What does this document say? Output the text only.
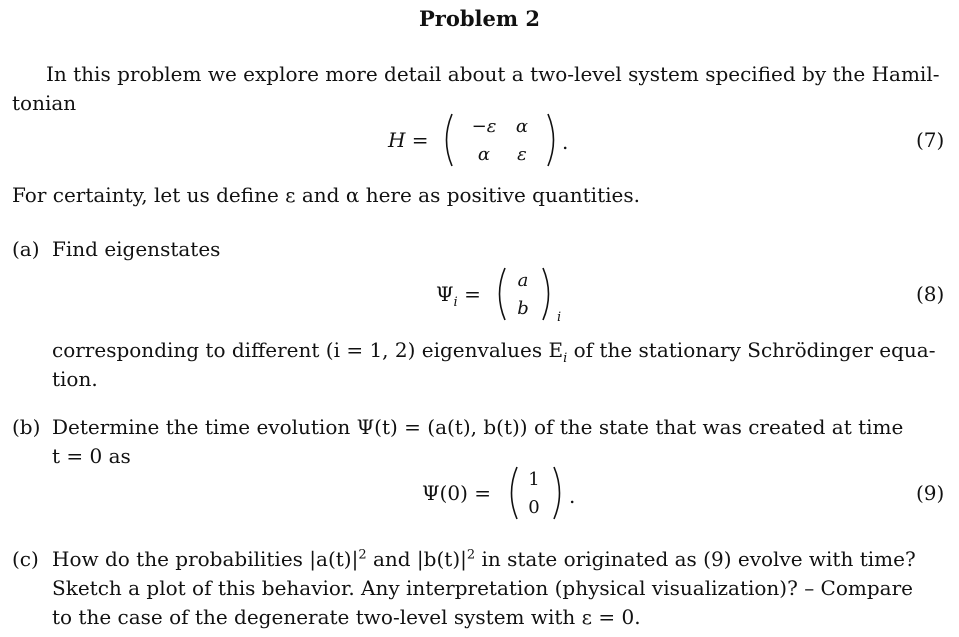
Problem 2
In this problem we explore more detail about a two-level system specified by the Hamil-
tonian
H =
−ε	α
α	ε
.	(7)
For certainty, let us define ε and α here as positive quantities.
(a) Find eigenstates
$\Psi_i$ =
a
b	i
(8)
corresponding to different (i = 1, 2) eigenvalues $E_i$ of the stationary Schrödinger equa-
tion.
(b) Determine the time evolution Ψ(t) = (a(t), b(t)) of the state that was created at time
t = 0 as
Ψ(0) =
1
0	.	(9)
(c) How do the probabilities $|a(t)|^2$ and $|b(t)|^2$ in state originated as (9) evolve with time?
Sketch a plot of this behavior. Any interpretation (physical visualization)? – Compare
to the case of the degenerate two-level system with ε = 0.
